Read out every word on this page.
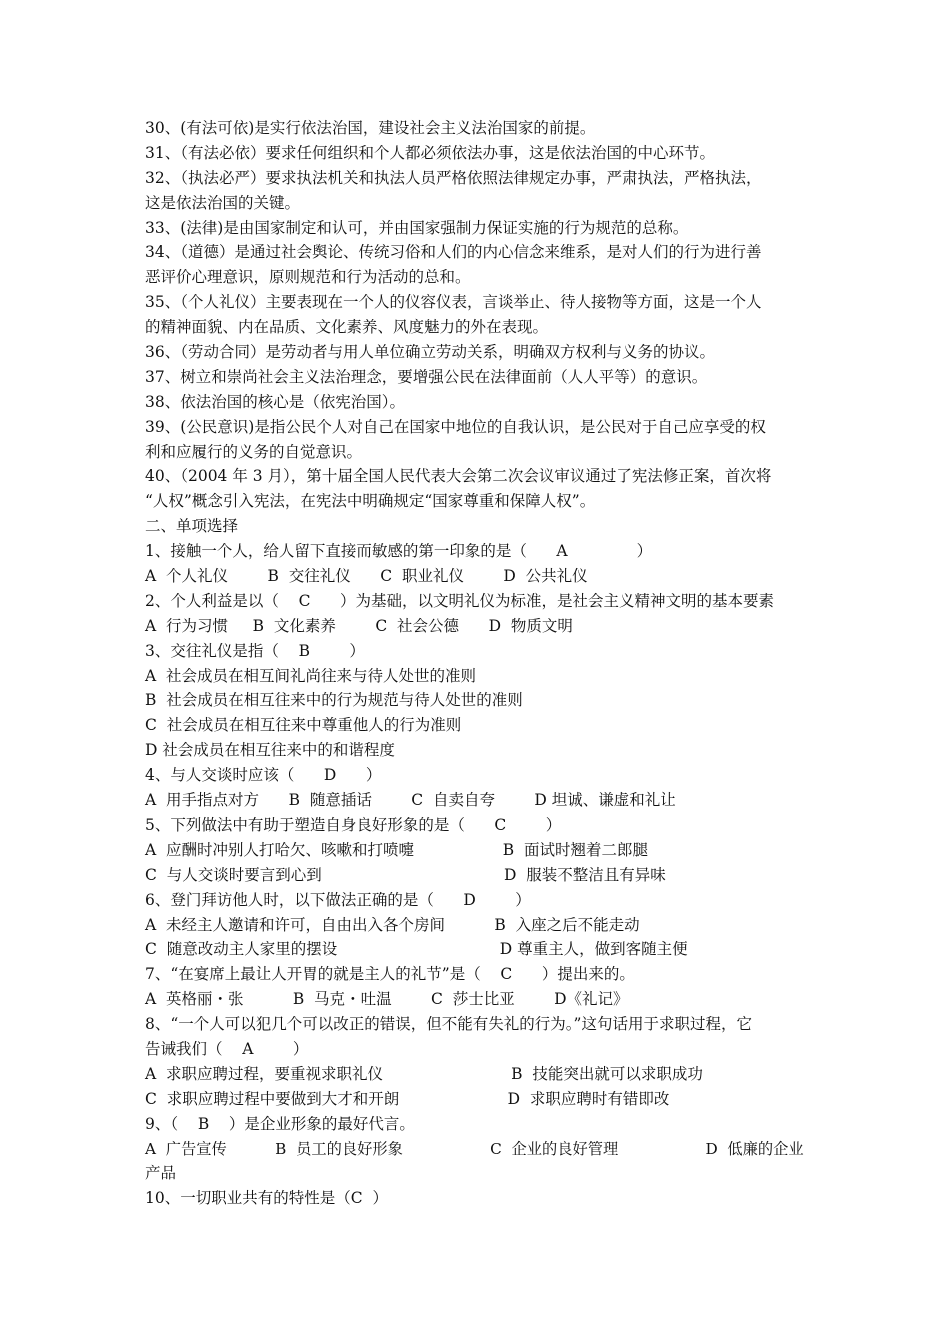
30、(有法可依)是实行依法治国，建设社会主义法治国家的前提。
31、（有法必依）要求任何组织和个人都必须依法办事，这是依法治国的中心环节。
32、（执法必严）要求执法机关和执法人员严格依照法律规定办事，严肃执法，严格执法，
这是依法治国的关键。
33、(法律)是由国家制定和认可，并由国家强制力保证实施的行为规范的总称。
34、（道德）是通过社会舆论、传统习俗和人们的内心信念来维系，是对人们的行为进行善
恶评价心理意识，原则规范和行为活动的总和。
35、（个人礼仪）主要表现在一个人的仪容仪表，言谈举止、待人接物等方面，这是一个人
的精神面貌、内在品质、文化素养、风度魅力的外在表现。
36、（劳动合同）是劳动者与用人单位确立劳动关系，明确双方权利与义务的协议。
37、树立和崇尚社会主义法治理念，要增强公民在法律面前（人人平等）的意识。
38、依法治国的核心是（依宪治国）。
39、(公民意识)是指公民个人对自己在国家中地位的自我认识，是公民对于自己应享受的权
利和应履行的义务的自觉意识。
40、（2004 年 3 月），第十届全国人民代表大会第二次会议审议通过了宪法修正案，首次将
“人权”概念引入宪法，在宪法中明确规定“国家尊重和保障人权”。
二、单项选择
1、接触一个人，给人留下直接而敏感的第一印象的是（      A              ）
A  个人礼仪        B  交往礼仪      C  职业礼仪        D  公共礼仪
2、个人利益是以（    C      ）为基础，以文明礼仪为标准，是社会主义精神文明的基本要素
A  行为习惯     B  文化素养        C  社会公德      D  物质文明
3、交往礼仪是指（    B        ）
A  社会成员在相互间礼尚往来与待人处世的准则
B  社会成员在相互往来中的行为规范与待人处世的准则
C  社会成员在相互往来中尊重他人的行为准则
D 社会成员在相互往来中的和谐程度
4、与人交谈时应该（      D      ）
A  用手指点对方      B  随意插话        C  自卖自夸        D 坦诚、谦虚和礼让
5、下列做法中有助于塑造自身良好形象的是（      C        ）
A  应酬时冲别人打哈欠、咳嗽和打喷嚏                  B  面试时翘着二郎腿
C  与人交谈时要言到心到                                     D  服装不整洁且有异味
6、登门拜访他人时，以下做法正确的是（      D        ）
A  未经主人邀请和许可，自由出入各个房间          B  入座之后不能走动
C  随意改动主人家里的摆设                                 D 尊重主人，做到客随主便
7、“在宴席上最让人开胃的就是主人的礼节”是（    C      ）提出来的。
A  英格丽・张          B  马克・吐温        C  莎士比亚        D《礼记》
8、“一个人可以犯几个可以改正的错误，但不能有失礼的行为。”这句话用于求职过程，它
告诫我们（    A        ）
A  求职应聘过程，要重视求职礼仪                          B  技能突出就可以求职成功
C  求职应聘过程中要做到大才和开朗                      D  求职应聘时有错即改
9、（    B    ）是企业形象的最好代言。
A  广告宣传          B  员工的良好形象                  C  企业的良好管理                  D  低廉的企业
产品
10、一切职业共有的特性是（C  ）
